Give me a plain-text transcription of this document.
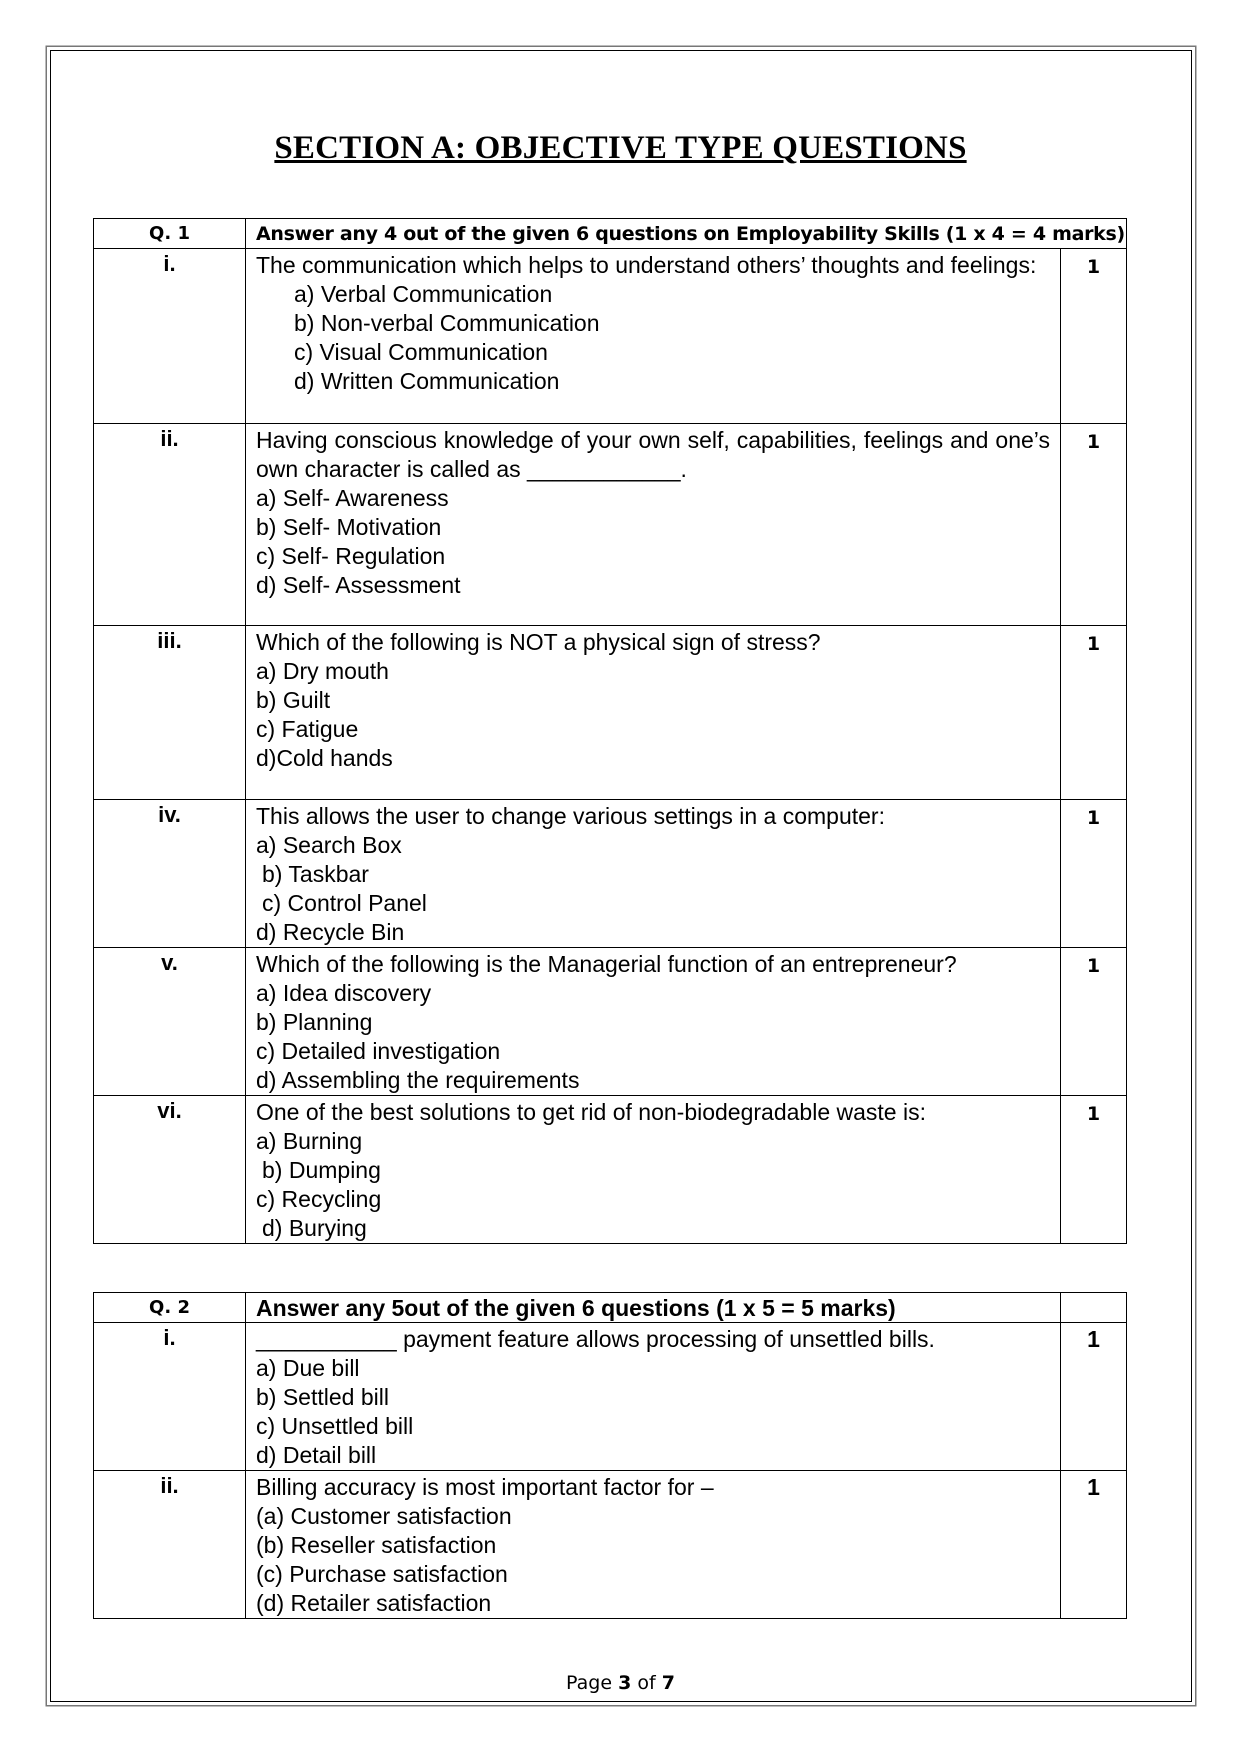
SECTION A: OBJECTIVE TYPE QUESTIONS
Q. 1	Answer any 4 out of the given 6 questions on Employability Skills (1 x 4 = 4 marks)	
i.	The communication which helps to understand others’ thoughts and feelings:
a) Verbal Communication
b) Non-verbal Communication
c) Visual Communication
d) Written Communication	1
ii.	Having conscious knowledge of your own self, capabilities, feelings and one’s own character is called as ____________.
a) Self- Awareness
b) Self- Motivation
c) Self- Regulation
d) Self- Assessment	1
iii.	Which of the following is NOT a physical sign of stress?
a) Dry mouth
b) Guilt
c) Fatigue
d)Cold hands	1
iv.	This allows the user to change various settings in a computer:
a) Search Box
b) Taskbar
c) Control Panel
d) Recycle Bin	1
v.	Which of the following is the Managerial function of an entrepreneur?
a) Idea discovery
b) Planning
c) Detailed investigation
d) Assembling the requirements	1
vi.	One of the best solutions to get rid of non-biodegradable waste is:
a) Burning
b) Dumping
c) Recycling
d) Burying	1
Q. 2	Answer any 5out of the given 6 questions (1 x 5 = 5 marks)	
i.	___________ payment feature allows processing of unsettled bills.
a) Due bill
b) Settled bill
c) Unsettled bill
d) Detail bill	1
ii.	Billing accuracy is most important factor for –
(a) Customer satisfaction
(b) Reseller satisfaction
(c) Purchase satisfaction
(d) Retailer satisfaction	1
Page 3 of 7
